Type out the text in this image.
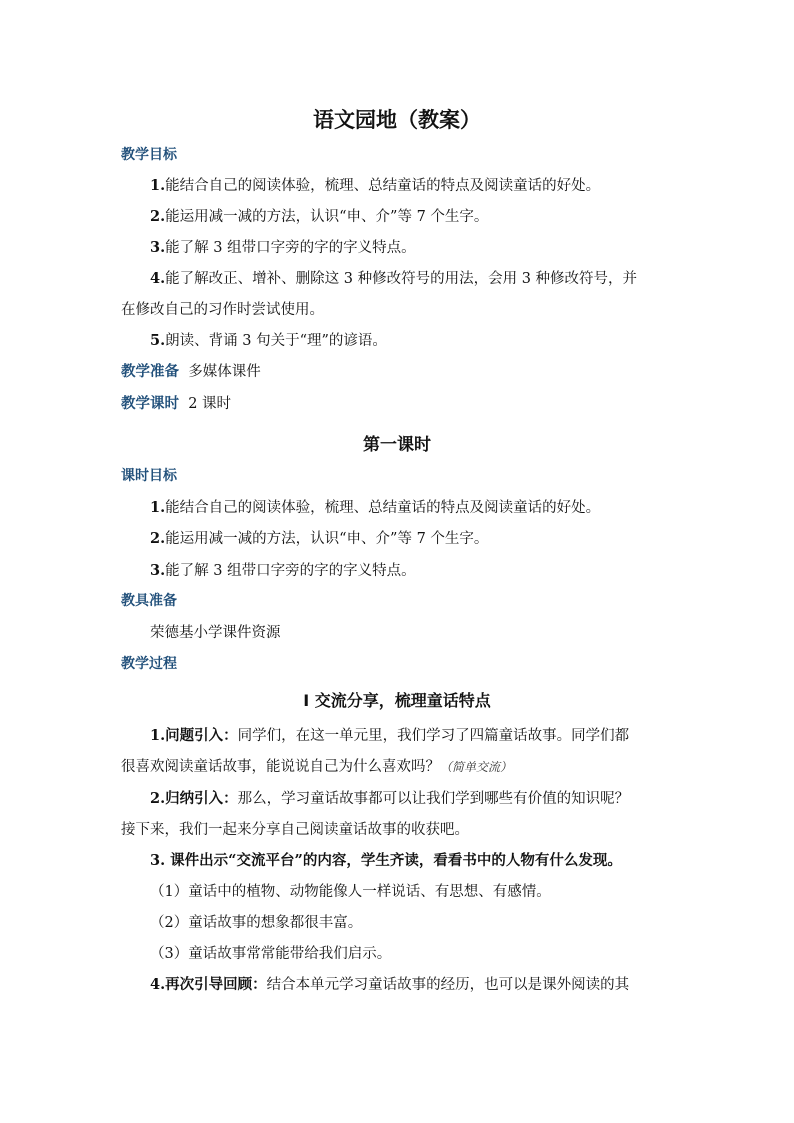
语文园地（教案）
教学目标
1.能结合自己的阅读体验，梳理、总结童话的特点及阅读童话的好处。
2.能运用减一减的方法，认识“申、介”等 7 个生字。
3.能了解 3 组带口字旁的字的字义特点。
4.能了解改正、增补、删除这 3 种修改符号的用法，会用 3 种修改符号，并
在修改自己的习作时尝试使用。
5.朗读、背诵 3 句关于“理”的谚语。
教学准备 多媒体课件
教学课时 2 课时
第一课时
课时目标
1.能结合自己的阅读体验，梳理、总结童话的特点及阅读童话的好处。
2.能运用减一减的方法，认识“申、介”等 7 个生字。
3.能了解 3 组带口字旁的字的字义特点。
教具准备
荣德基小学课件资源
教学过程
Ⅰ 交流分享，梳理童话特点
1.问题引入：同学们，在这一单元里，我们学习了四篇童话故事。同学们都
很喜欢阅读童话故事，能说说自己为什么喜欢吗？（简单交流）
2.归纳引入：那么，学习童话故事都可以让我们学到哪些有价值的知识呢？
接下来，我们一起来分享自己阅读童话故事的收获吧。
3. 课件出示“交流平台”的内容，学生齐读，看看书中的人物有什么发现。
（1）童话中的植物、动物能像人一样说话、有思想、有感情。
（2）童话故事的想象都很丰富。
（3）童话故事常常能带给我们启示。
4.再次引导回顾：结合本单元学习童话故事的经历，也可以是课外阅读的其
